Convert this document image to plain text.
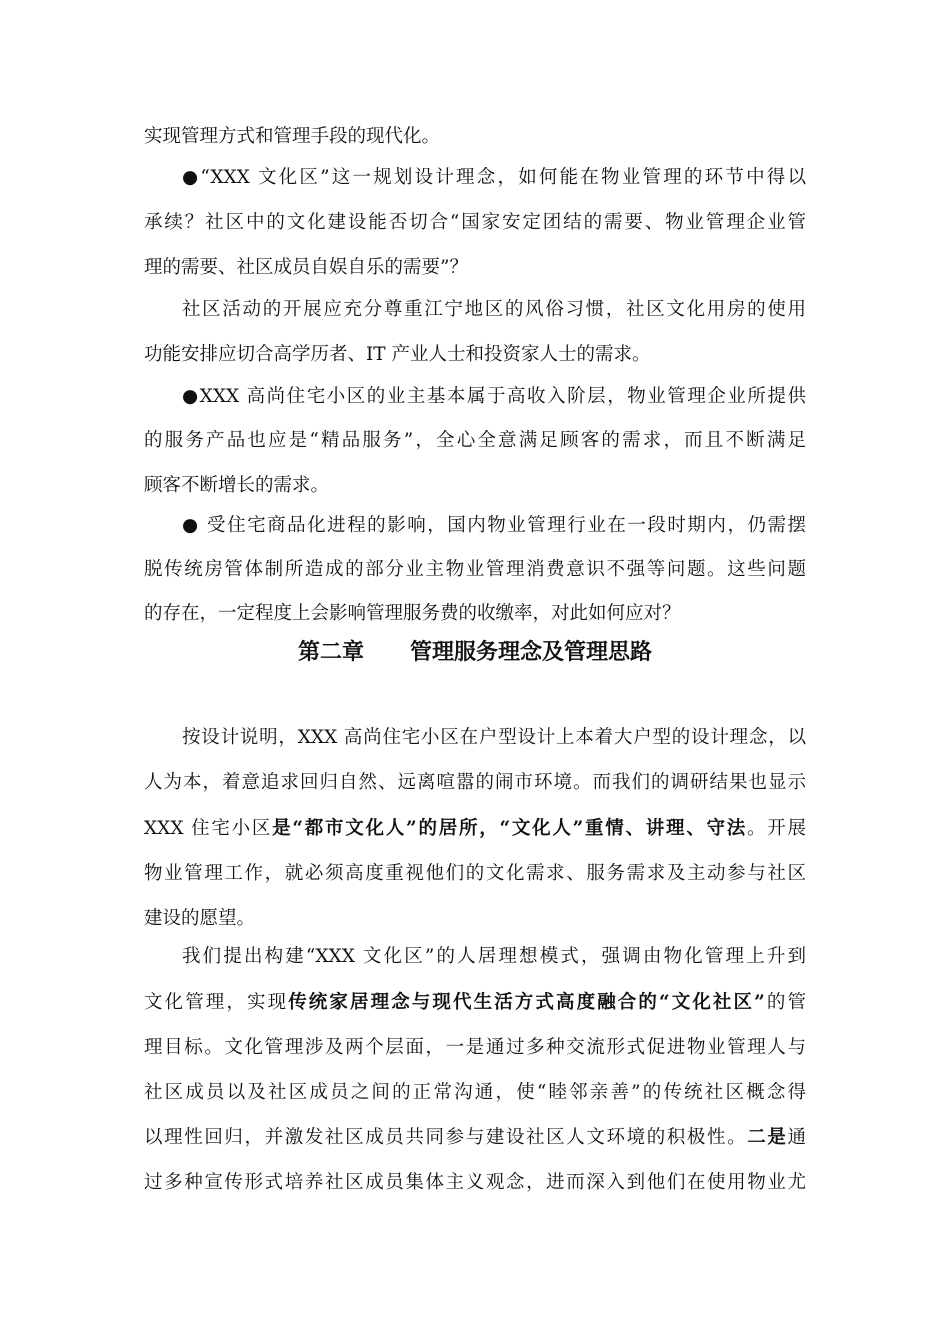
实现管理方式和管理手段的现代化。
●“XXX 文化区”这一规划设计理念，如何能在物业管理的环节中得以
承续？社区中的文化建设能否切合“国家安定团结的需要、物业管理企业管
理的需要、社区成员自娱自乐的需要”？
社区活动的开展应充分尊重江宁地区的风俗习惯，社区文化用房的使用
功能安排应切合高学历者、IT 产业人士和投资家人士的需求。
●XXX 高尚住宅小区的业主基本属于高收入阶层，物业管理企业所提供
的服务产品也应是“精品服务”，全心全意满足顾客的需求，而且不断满足
顾客不断增长的需求。
● 受住宅商品化进程的影响，国内物业管理行业在一段时期内，仍需摆
脱传统房管体制所造成的部分业主物业管理消费意识不强等问题。这些问题
的存在，一定程度上会影响管理服务费的收缴率，对此如何应对？
第二章 管理服务理念及管理思路
按设计说明，XXX 高尚住宅小区在户型设计上本着大户型的设计理念，以
人为本，着意追求回归自然、远离喧嚣的闹市环境。而我们的调研结果也显示
XXX 住宅小区是“都市文化人”的居所，“文化人”重情、讲理、守法。开展
物业管理工作，就必须高度重视他们的文化需求、服务需求及主动参与社区
建设的愿望。
我们提出构建“XXX 文化区”的人居理想模式，强调由物化管理上升到
文化管理，实现传统家居理念与现代生活方式高度融合的“文化社区”的管
理目标。文化管理涉及两个层面，一是通过多种交流形式促进物业管理人与
社区成员以及社区成员之间的正常沟通，使“睦邻亲善”的传统社区概念得
以理性回归，并激发社区成员共同参与建设社区人文环境的积极性。二是通
过多种宣传形式培养社区成员集体主义观念，进而深入到他们在使用物业尤
